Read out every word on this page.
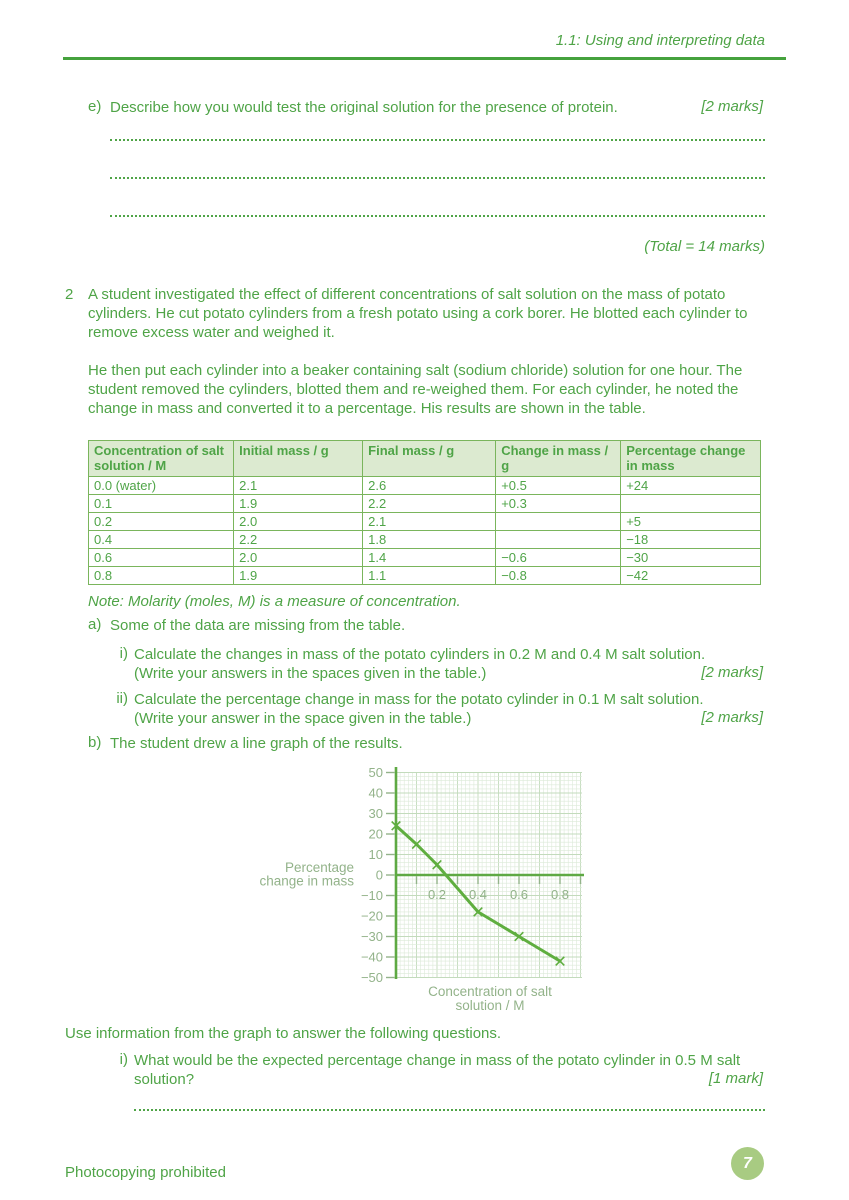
1.1: Using and interpreting data
e) Describe how you would test the original solution for the presence of protein.	[2 marks]
(Total = 14 marks)
2 A student investigated the effect of different concentrations of salt solution on the mass of potato cylinders. He cut potato cylinders from a fresh potato using a cork borer. He blotted each cylinder to remove excess water and weighed it.

He then put each cylinder into a beaker containing salt (sodium chloride) solution for one hour. The student removed the cylinders, blotted them and re-weighed them. For each cylinder, he noted the change in mass and converted it to a percentage. His results are shown in the table.

Concentration of salt solution / M	Initial mass / g	Final mass / g	Change in mass / g	Percentage change in mass
0.0 (water)	2.1	2.6	+0.5	+24
0.1	1.9	2.2	+0.3	
0.2	2.0	2.1		+5
0.4	2.2	1.8		−18
0.6	2.0	1.4	−0.6	−30
0.8	1.9	1.1	−0.8	−42
Note: Molarity (moles, M) is a measure of concentration.
a) Some of the data are missing from the table.
i) Calculate the changes in mass of the potato cylinders in 0.2 M and 0.4 M salt solution.
(Write your answers in the spaces given in the table.)	[2 marks]
ii) Calculate the percentage change in mass for the potato cylinder in 0.1 M salt solution.
(Write your answer in the space given in the table.)	[2 marks]
b) The student drew a line graph of the results.
50
40
30
20
10
0
−10
−20
−30
−40
−50
0.2 0.4 0.6 0.8
Percentage
change in mass
Concentration of salt
solution / M
Use information from the graph to answer the following questions.
i) What would be the expected percentage change in mass of the potato cylinder in 0.5 M salt
solution?	[1 mark]
Photocopying prohibited
7
